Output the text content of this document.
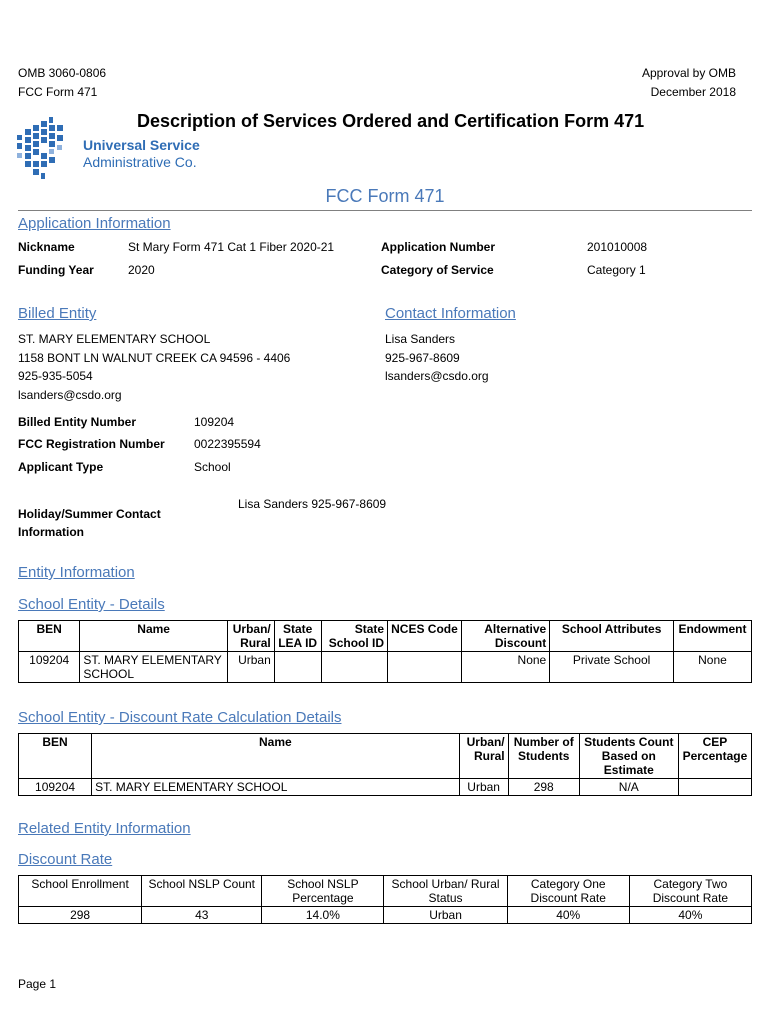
OMB 3060-0806
FCC Form 471
Approval by OMB
December 2018
Universal Service
Administrative Co.
Description of Services Ordered and Certification Form 471
FCC Form 471
Application Information
Nickname	St Mary Form 471 Cat 1 Fiber 2020-21	Application Number	201010008
Funding Year	2020	Category of Service	Category 1
Billed Entity	Contact Information
ST. MARY ELEMENTARY SCHOOL
1158 BONT LN WALNUT CREEK CA 94596 - 4406
925-935-5054
lsanders@csdo.org
Lisa Sanders
925-967-8609
lsanders@csdo.org
Billed Entity Number	109204
FCC Registration Number 0022395594
Applicant Type	School
Holiday/Summer Contact
Information
Lisa Sanders 925-967-8609
Entity Information
School Entity - Details
BEN	Name	Urban/ Rural	State LEA ID	State School ID	NCES Code	Alternative Discount	School Attributes	Endowment
109204	ST. MARY ELEMENTARY SCHOOL	Urban				None	Private School	None
School Entity - Discount Rate Calculation Details
BEN	Name	Urban/ Rural	Number of Students	Students Count Based on Estimate	CEP Percentage
109204	ST. MARY ELEMENTARY SCHOOL	Urban	298	N/A	
Related Entity Information
Discount Rate
School Enrollment	School NSLP Count	School NSLP Percentage	School Urban/ Rural Status	Category One Discount Rate	Category Two Discount Rate
298	43	14.0%	Urban	40%	40%
Page 1
